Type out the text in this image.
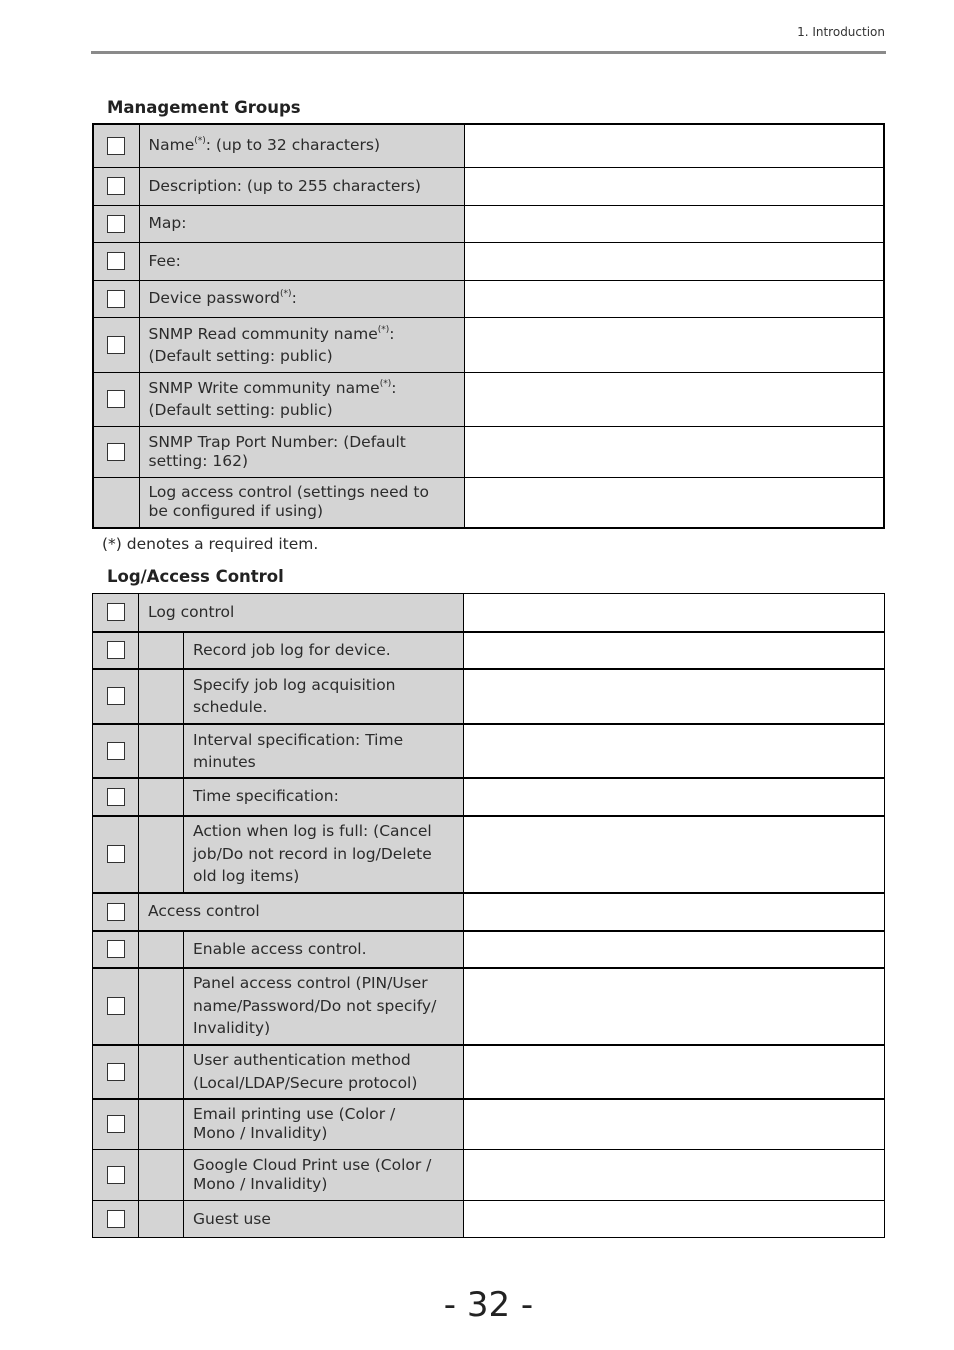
1. Introduction
Management Groups
	Name(*): (up to 32 characters)	
	Description: (up to 255 characters)	
	Map:	
	Fee:	
	Device password(*):	
	SNMP Read community name(*):
(Default setting: public)	
	SNMP Write community name(*):
(Default setting: public)	
	SNMP Trap Port Number: (Default
setting: 162)	
	Log access control (settings need to
be configured if using)	
(*) denotes a required item.
Log/Access Control
	Log control		
		Record job log for device.	
		Specify job log acquisition
schedule.	
		Interval specification: Time
minutes	
		Time specification:	
		Action when log is full: (Cancel
job/Do not record in log/Delete
old log items)	
	Access control		
		Enable access control.	
		Panel access control (PIN/User
name/Password/Do not specify/
Invalidity)	
		User authentication method
(Local/LDAP/Secure protocol)	
		Email printing use (Color /
Mono / Invalidity)	
		Google Cloud Print use (Color /
Mono / Invalidity)	
		Guest use	
- 32 -
